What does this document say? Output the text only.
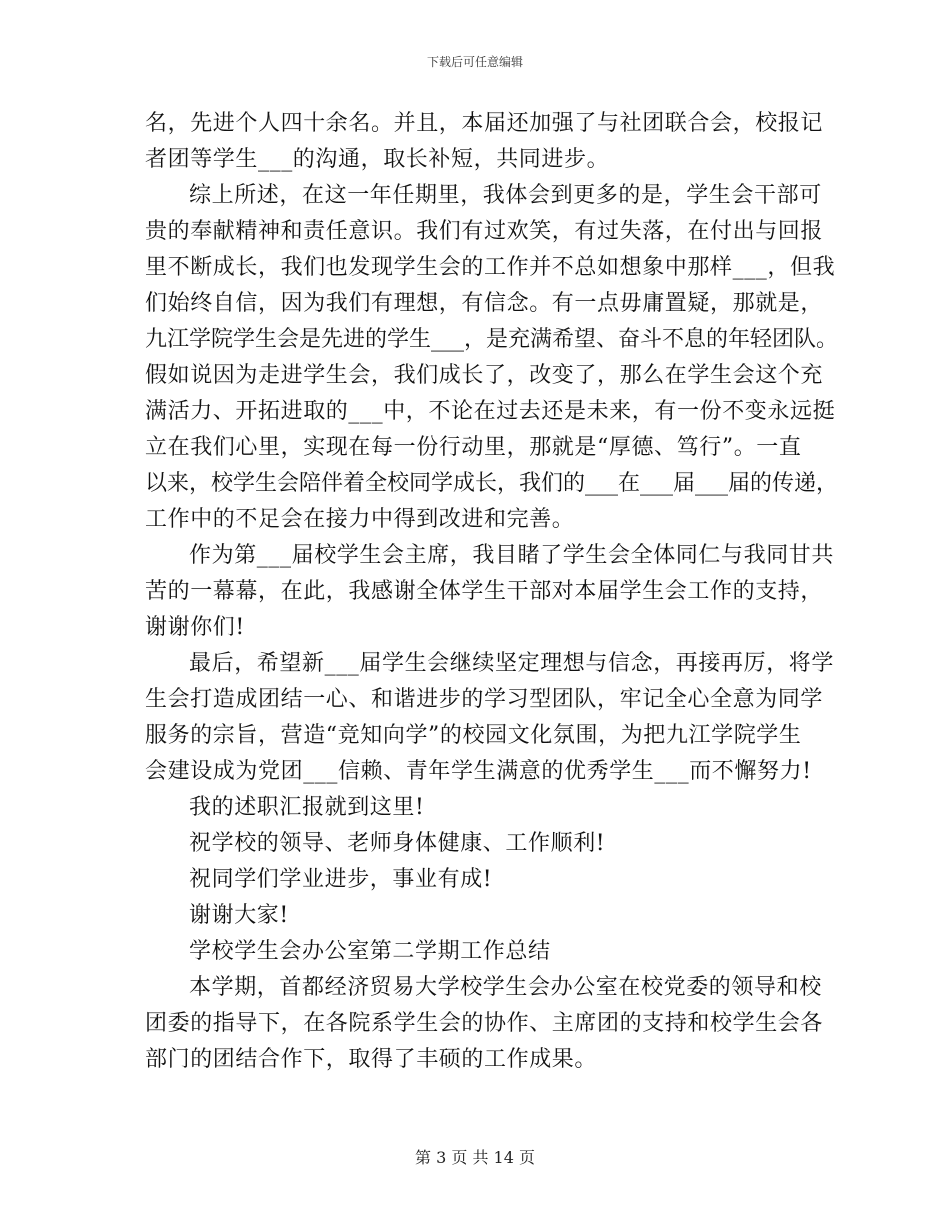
下载后可任意编辑
名，先进个人四十余名。并且，本届还加强了与社团联合会，校报记
者团等学生___的沟通，取长补短，共同进步。
综上所述，在这一年任期里，我体会到更多的是，学生会干部可
贵的奉献精神和责任意识。我们有过欢笑，有过失落，在付出与回报
里不断成长，我们也发现学生会的工作并不总如想象中那样___，但我
们始终自信，因为我们有理想，有信念。有一点毋庸置疑，那就是，
九江学院学生会是先进的学生___，是充满希望、奋斗不息的年轻团队。
假如说因为走进学生会，我们成长了，改变了，那么在学生会这个充
满活力、开拓进取的___中，不论在过去还是未来，有一份不变永远挺
立在我们心里，实现在每一份行动里，那就是“厚德、笃行”。一直
以来，校学生会陪伴着全校同学成长，我们的___在___届___届的传递，
工作中的不足会在接力中得到改进和完善。
作为第___届校学生会主席，我目睹了学生会全体同仁与我同甘共
苦的一幕幕，在此，我感谢全体学生干部对本届学生会工作的支持，
谢谢你们!
最后，希望新___届学生会继续坚定理想与信念，再接再厉，将学
生会打造成团结一心、和谐进步的学习型团队，牢记全心全意为同学
服务的宗旨，营造“竞知向学”的校园文化氛围，为把九江学院学生
会建设成为党团___信赖、青年学生满意的优秀学生___而不懈努力!
我的述职汇报就到这里!
祝学校的领导、老师身体健康、工作顺利!
祝同学们学业进步，事业有成!
谢谢大家!
学校学生会办公室第二学期工作总结
本学期，首都经济贸易大学校学生会办公室在校党委的领导和校
团委的指导下，在各院系学生会的协作、主席团的支持和校学生会各
部门的团结合作下，取得了丰硕的工作成果。
第 3 页 共 14 页
